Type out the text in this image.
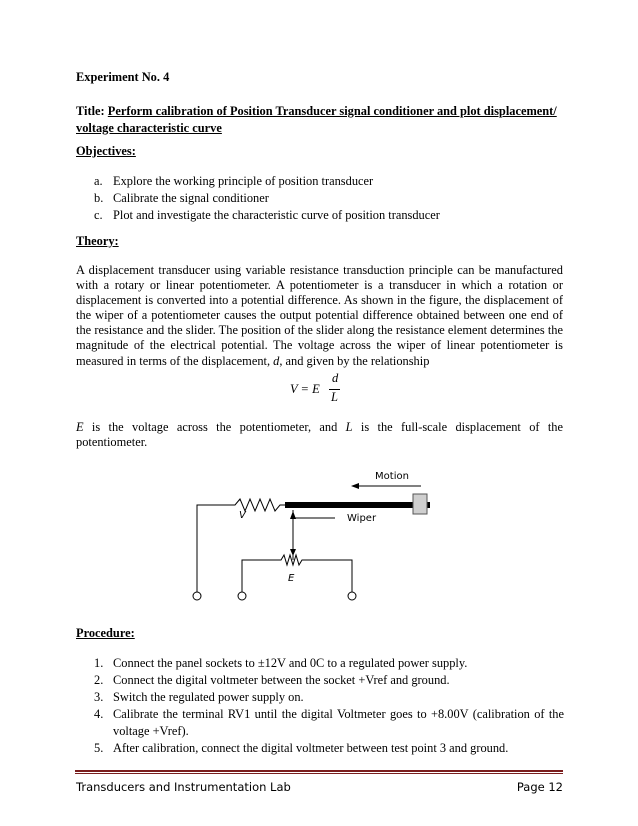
Experiment No. 4
Title: Perform calibration of Position Transducer signal conditioner and plot displacement/
voltage characteristic curve
Objectives:
a. Explore the working principle of position transducer
b. Calibrate the signal conditioner
c. Plot and investigate the characteristic curve of position transducer
Theory:
A displacement transducer using variable resistance transduction principle can be manufactured with a rotary or linear potentiometer. A potentiometer is a transducer in which a rotation or displacement is converted into a potential difference. As shown in the figure, the displacement of the wiper of a potentiometer causes the output potential difference obtained between one end of the resistance and the slider. The position of the slider along the resistance element determines the magnitude of the electrical potential. The voltage across the wiper of linear potentiometer is measured in terms of the displacement, d, and given by the relationship
V = E
d
L
E is the voltage across the potentiometer, and L is the full-scale displacement of the potentiometer.
Motion
Wiper
V
E
Procedure:
1. Connect the panel sockets to ±12V and 0C to a regulated power supply.
2. Connect the digital voltmeter between the socket +Vref and ground.
3. Switch the regulated power supply on.
4. Calibrate the terminal RV1 until the digital Voltmeter goes to +8.00V (calibration of the voltage +Vref).
5. After calibration, connect the digital voltmeter between test point 3 and ground.
Transducers and Instrumentation Lab	Page 12
